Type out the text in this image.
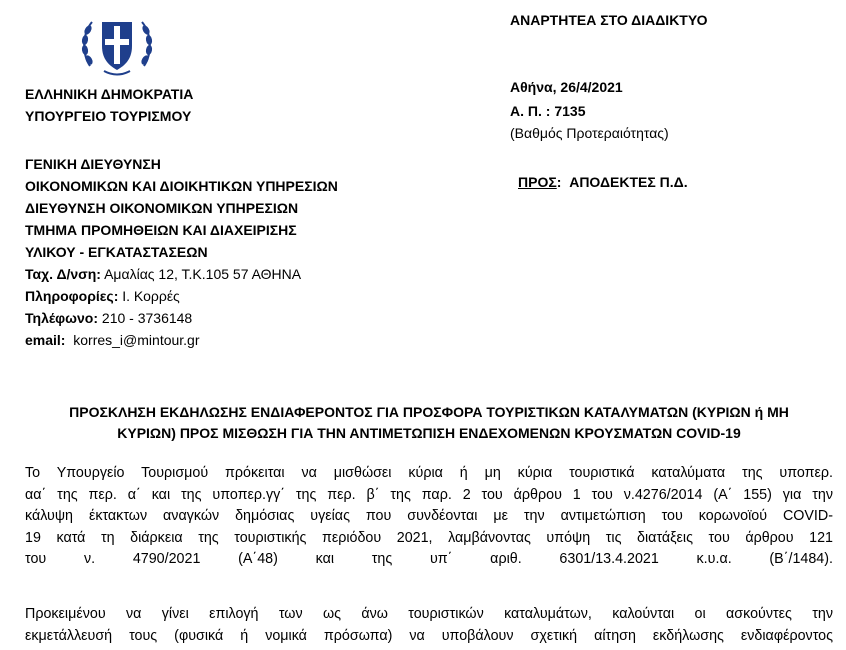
ΑΝΑΡΤΗΤΕΑ ΣΤΟ ΔΙΑΔΙΚΤΥΟ
Αθήνα, 26/4/2021
Α. Π. : 7135
(Βαθμός Προτεραιότητας)
ΠΡΟΣ:  ΑΠΟΔΕΚΤΕΣ Π.Δ.
ΕΛΛΗΝΙΚΗ ΔΗΜΟΚΡΑΤΙΑ
ΥΠΟΥΡΓΕΙΟ ΤΟΥΡΙΣΜΟΥ
ΓΕΝΙΚΗ ΔΙΕΥΘΥΝΣΗ
ΟΙΚΟΝΟΜΙΚΩΝ ΚΑΙ ΔΙΟΙΚΗΤΙΚΩΝ ΥΠΗΡΕΣΙΩΝ
ΔΙΕΥΘΥΝΣΗ ΟΙΚΟΝΟΜΙΚΩΝ ΥΠΗΡΕΣΙΩΝ
ΤΜΗΜΑ ΠΡΟΜΗΘΕΙΩΝ ΚΑΙ ΔΙΑΧΕΙΡΙΣΗΣ
ΥΛΙΚΟΥ - ΕΓΚΑΤΑΣΤΑΣΕΩΝ
Ταχ. Δ/νση: Αμαλίας 12, Τ.Κ.105 57 ΑΘΗΝΑ
Πληροφορίες: Ι. Κορρές
Τηλέφωνο: 210 - 3736148
email: korres_i@mintour.gr
ΠΡΟΣΚΛΗΣΗ ΕΚΔΗΛΩΣΗΣ ΕΝΔΙΑΦΕΡΟΝΤΟΣ ΓΙΑ ΠΡΟΣΦΟΡΑ ΤΟΥΡΙΣΤΙΚΩΝ ΚΑΤΑΛΥΜΑΤΩΝ (ΚΥΡΙΩΝ ή ΜΗ
ΚΥΡΙΩΝ) ΠΡΟΣ ΜΙΣΘΩΣΗ ΓΙΑ ΤΗΝ ΑΝΤΙΜΕΤΩΠΙΣΗ ΕΝΔΕΧΟΜΕΝΩΝ ΚΡΟΥΣΜΑΤΩΝ COVID-19
Το Υπουργείο Τουρισμού πρόκειται να μισθώσει κύρια ή μη κύρια τουριστικά καταλύματα της υποπερ.
αα΄ της περ. α΄ και της υποπερ.γγ΄ της περ. β΄ της παρ. 2 του άρθρου 1 του ν.4276/2014 (Α΄ 155) για την
κάλυψη έκτακτων αναγκών δημόσιας υγείας που συνδέονται με την αντιμετώπιση του κορωνοϊού COVID-
19 κατά τη διάρκεια της τουριστικής περιόδου 2021, λαμβάνοντας υπόψη τις διατάξεις του άρθρου 121
του ν. 4790/2021 (Α΄48) και της υπ΄ αριθ. 6301/13.4.2021 κ.υ.α. (Β΄/1484).
Προκειμένου να γίνει επιλογή των ως άνω τουριστικών καταλυμάτων, καλούνται οι ασκούντες την
εκμετάλλευσή τους (φυσικά ή νομικά πρόσωπα) να υποβάλουν σχετική αίτηση εκδήλωσης ενδιαφέροντος
